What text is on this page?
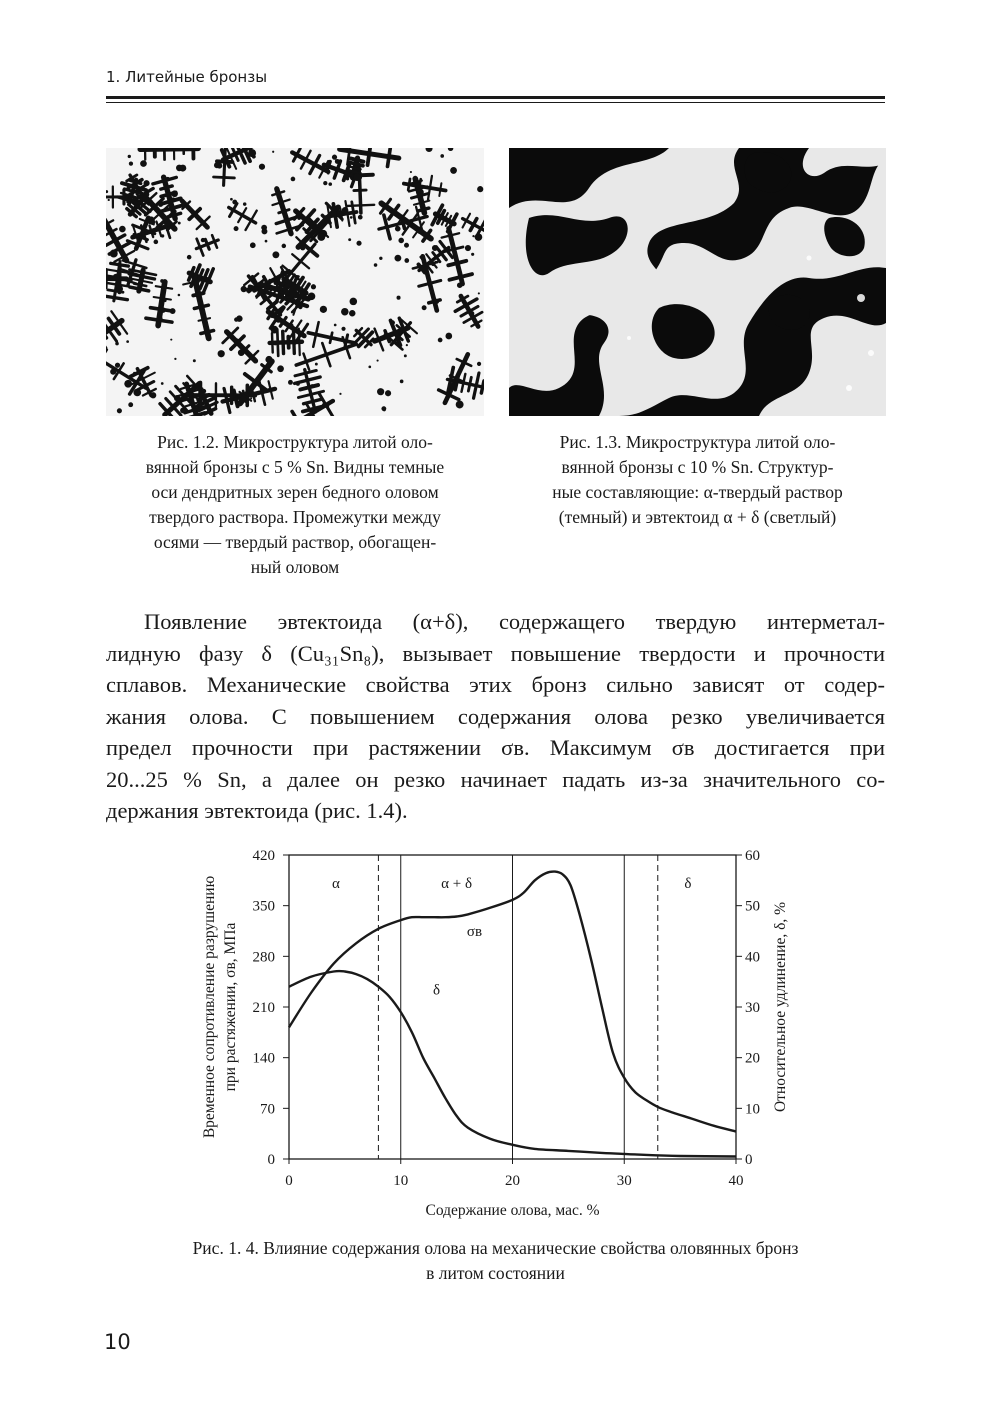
1. Литейные бронзы
Рис. 1.2. Микроструктура литой оло-
вянной бронзы с 5 % Sn. Видны темные
оси дендритных зерен бедного оловом
твердого раствора. Промежутки между
осями — твердый раствор, обогащен-
ный оловом
Рис. 1.3. Микроструктура литой оло-
вянной бронзы с 10 % Sn. Структур-
ные составляющие: α-твердый раствор
(темный) и эвтектоид α + δ (светлый)
Появление эвтектоида (α+δ), содержащего твердую интерметал-
лидную фазу δ (Cu₃₁Sn₈), вызывает повышение твердости и прочности
сплавов. Механические свойства этих бронз сильно зависят от содер-
жания олова. С повышением содержания олова резко увеличивается
предел прочности при растяжении σв. Максимум σв достигается при
20...25 % Sn, а далее он резко начинает падать из-за значительного со-
держания эвтектоида (рис. 1.4).
0	10	20	30	40
0
70
140
210
280
350
420
0
10
20
30
40
50
60
α	α + δ	δ
σв
δ
Содержание олова, мас. %
Временное сопротивление разрушению при растяжении, σв, МПа	Относительное удлинение, δ, %
Рис. 1. 4. Влияние содержания олова на механические свойства оловянных бронз
в литом состоянии
10
